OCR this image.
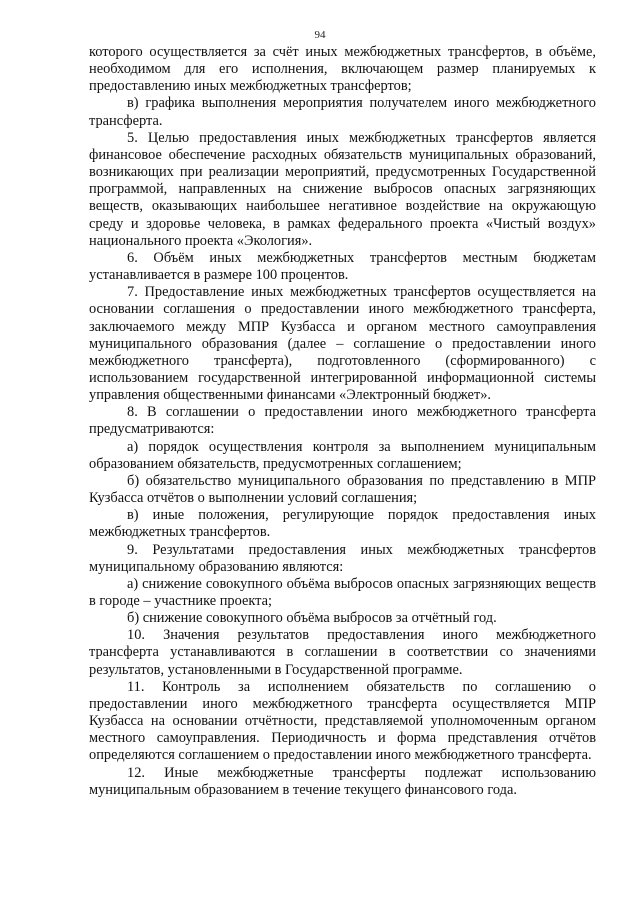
94

которого осуществляется за счёт иных межбюджетных трансфертов, в объёме, необходимом для его исполнения, включающем размер планируемых к предоставлению иных межбюджетных трансфертов;

в) графика выполнения мероприятия получателем иного межбюджетного трансферта.

5. Целью предоставления иных межбюджетных трансфертов является финансовое обеспечение расходных обязательств муниципальных образований, возникающих при реализации мероприятий, предусмотренных Государственной программой, направленных на снижение выбросов опасных загрязняющих веществ, оказывающих наибольшее негативное воздействие на окружающую среду и здоровье человека, в рамках федерального проекта «Чистый воздух» национального проекта «Экология».

6. Объём иных межбюджетных трансфертов местным бюджетам устанавливается в размере 100 процентов.

7. Предоставление иных межбюджетных трансфертов осуществляется на основании соглашения о предоставлении иного межбюджетного трансферта, заключаемого между МПР Кузбасса и органом местного самоуправления муниципального образования (далее – соглашение о предоставлении иного межбюджетного трансферта), подготовленного (сформированного) с использованием государственной интегрированной информационной системы управления общественными финансами «Электронный бюджет».

8. В соглашении о предоставлении иного межбюджетного трансферта предусматриваются:

а) порядок осуществления контроля за выполнением муниципальным образованием обязательств, предусмотренных соглашением;

б) обязательство муниципального образования по представлению в МПР Кузбасса отчётов о выполнении условий соглашения;

в) иные положения, регулирующие порядок предоставления иных межбюджетных трансфертов.

9. Результатами предоставления иных межбюджетных трансфертов муниципальному образованию являются:

а) снижение совокупного объёма выбросов опасных загрязняющих веществ в городе – участнике проекта;

б) снижение совокупного объёма выбросов за отчётный год.

10. Значения результатов предоставления иного межбюджетного трансферта устанавливаются в соглашении в соответствии со значениями результатов, установленными в Государственной программе.

11. Контроль за исполнением обязательств по соглашению о предоставлении иного межбюджетного трансферта осуществляется МПР Кузбасса на основании отчётности, представляемой уполномоченным органом местного самоуправления. Периодичность и форма представления отчётов определяются соглашением о предоставлении иного межбюджетного трансферта.

12. Иные межбюджетные трансферты подлежат использованию муниципальным образованием в течение текущего финансового года.
